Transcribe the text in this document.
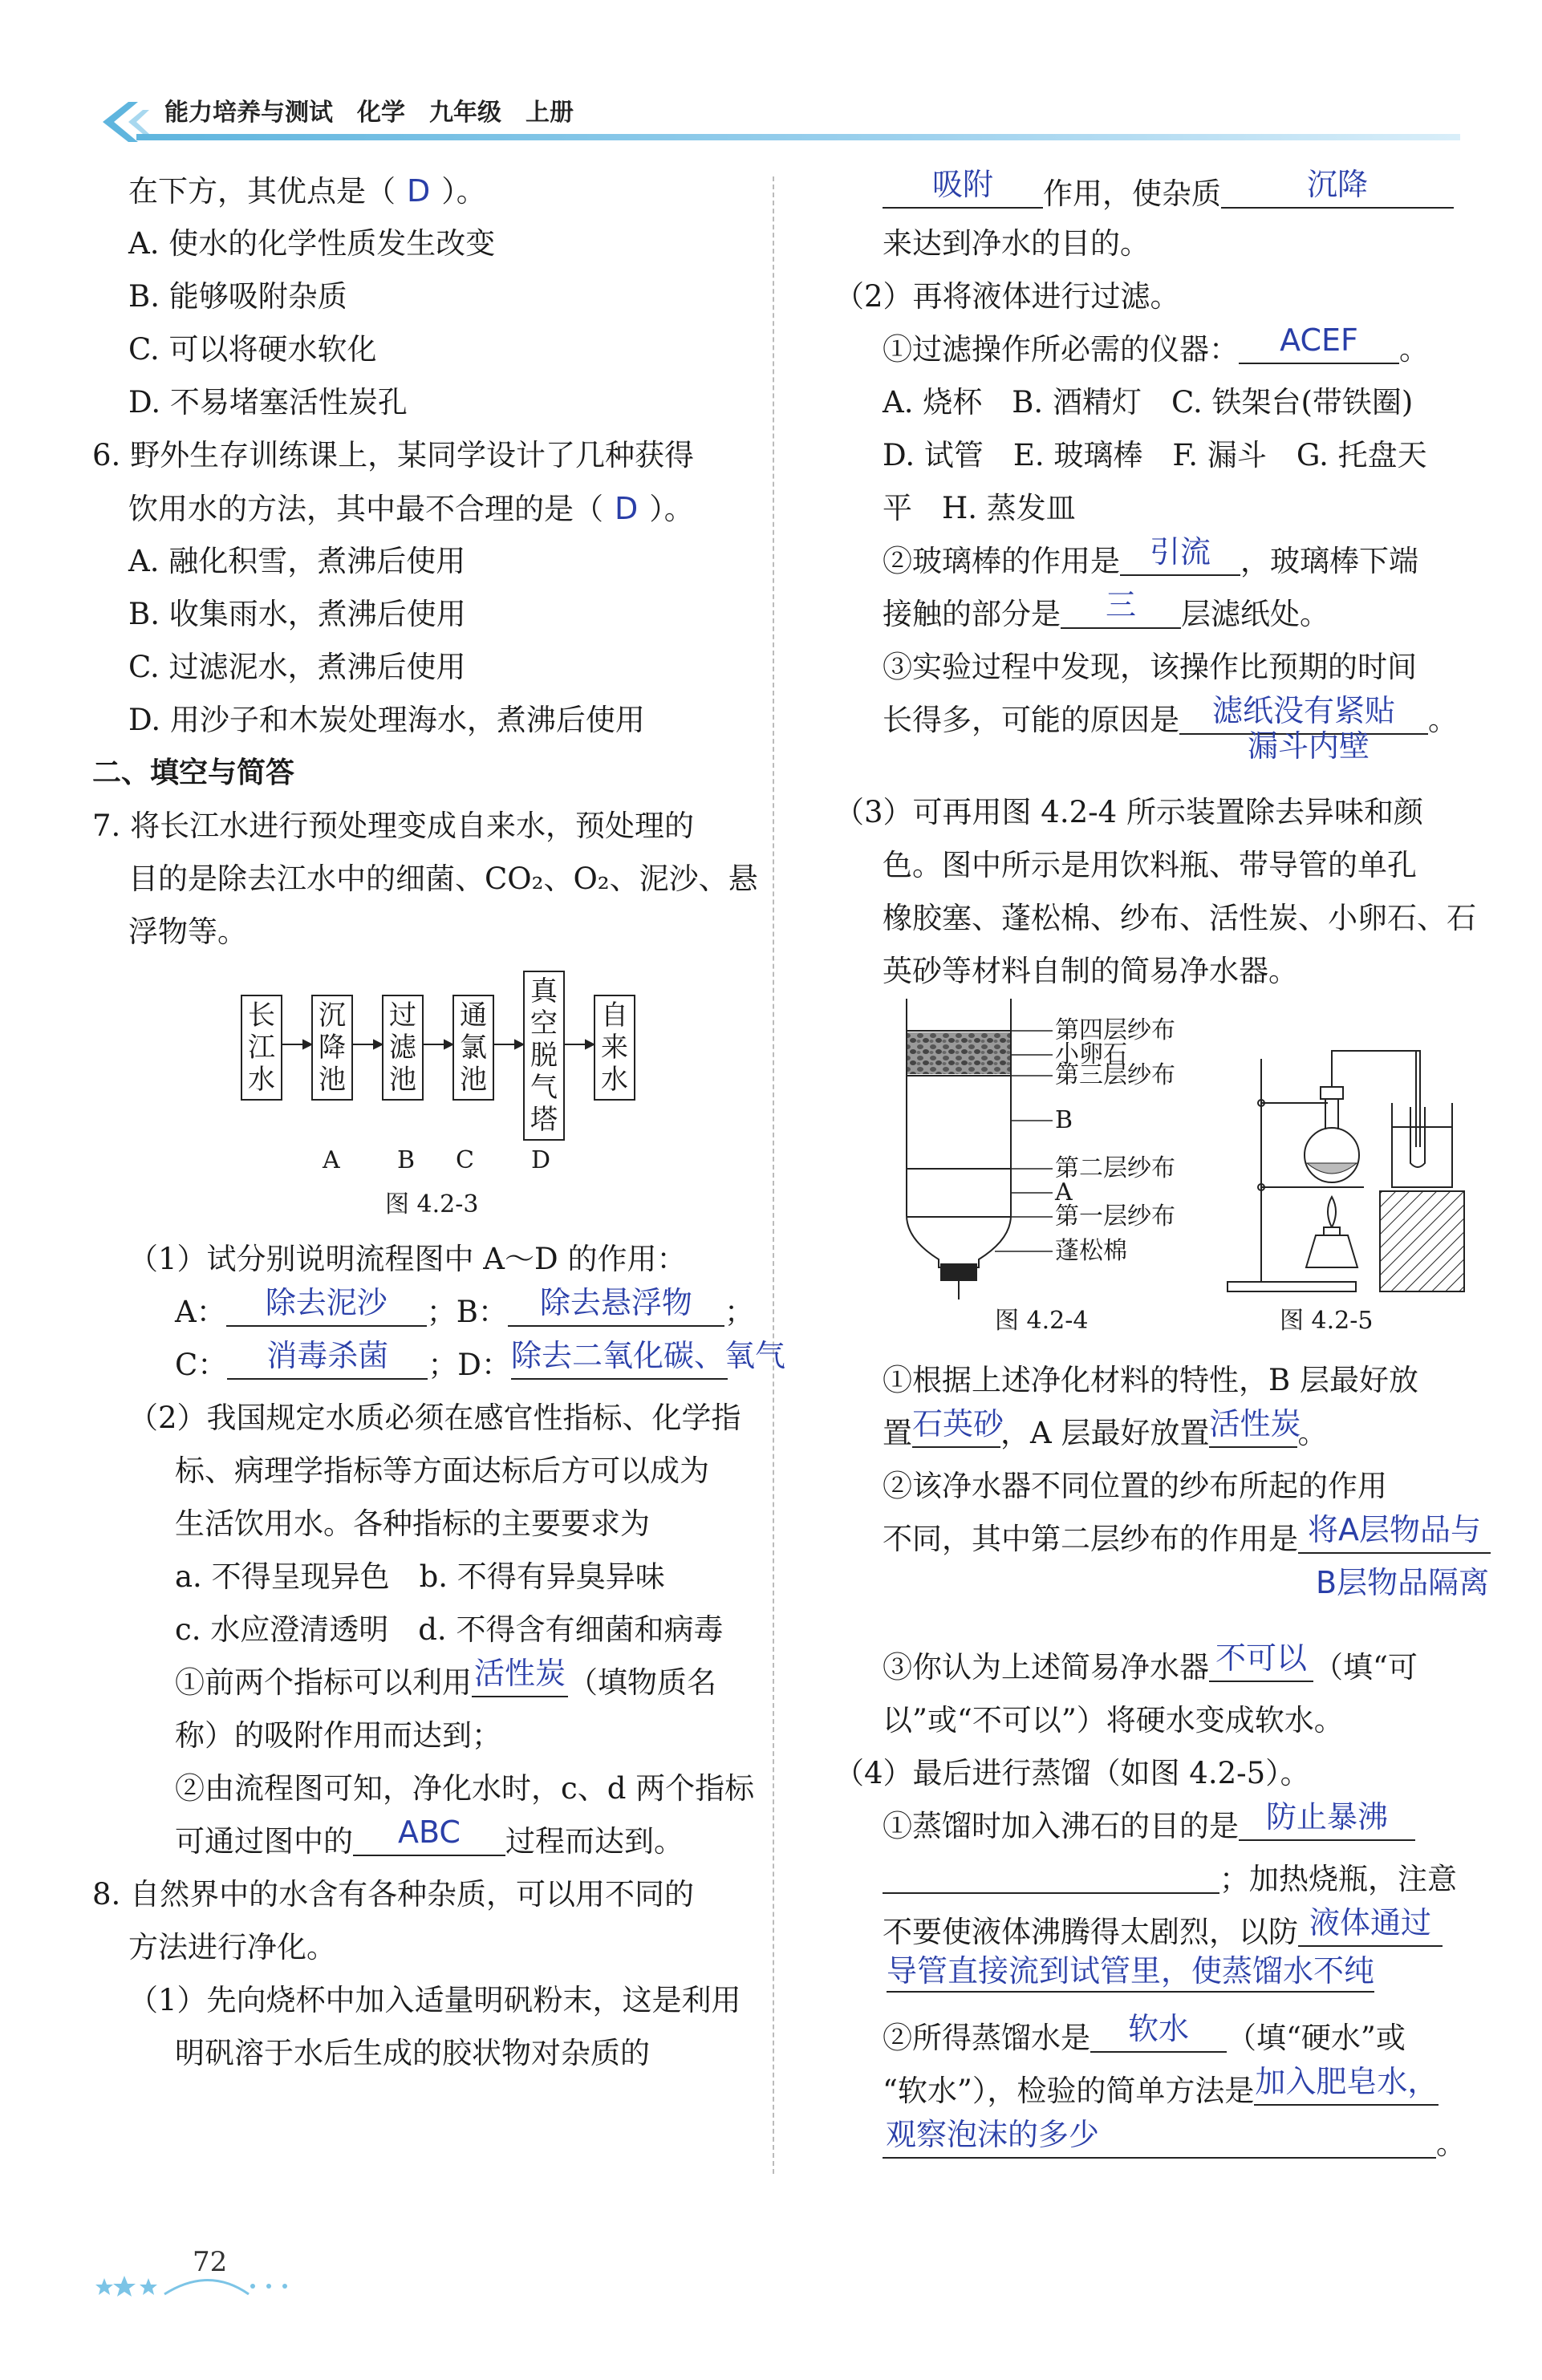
能力培养与测试　化学　九年级　上册
在下方，其优点是（ D ）。
A. 使水的化学性质发生改变
B. 能够吸附杂质
C. 可以将硬水软化
D. 不易堵塞活性炭孔
6. 野外生存训练课上，某同学设计了几种获得
饮用水的方法，其中最不合理的是（ D ）。
A. 融化积雪，煮沸后使用
B. 收集雨水，煮沸后使用
C. 过滤泥水，煮沸后使用
D. 用沙子和木炭处理海水，煮沸后使用
二、填空与简答
7. 将长江水进行预处理变成自来水，预处理的
目的是除去江水中的细菌、CO₂、O₂、泥沙、悬
浮物等。
长江水
沉降池
过滤池
通氯池
真空脱气塔
自来水
A B C D
图 4.2-3
（1）试分别说明流程图中 A～D 的作用：
A：	除去泥沙	；B：	除去悬浮物	；
C：	消毒杀菌	；D： 除去二氧化碳、氧气
（2）我国规定水质必须在感官性指标、化学指
标、病理学指标等方面达标后方可以成为
生活饮用水。各种指标的主要要求为
a. 不得呈现异色　b. 不得有异臭异味
c. 水应澄清透明　d. 不得含有细菌和病毒
①前两个指标可以利用 活性炭 （填物质名
称）的吸附作用而达到；
②由流程图可知，净化水时，c、d 两个指标
可通过图中的	ABC	过程而达到。
8. 自然界中的水含有各种杂质，可以用不同的
方法进行净化。
（1）先向烧杯中加入适量明矾粉末，这是利用
明矾溶于水后生成的胶状物对杂质的
72
吸附	作用，使杂质	沉降
来达到净水的目的。
（2）再将液体进行过滤。
①过滤操作所必需的仪器：	ACEF	。
A. 烧杯　B. 酒精灯　C. 铁架台(带铁圈)
D. 试管　E. 玻璃棒　F. 漏斗　G. 托盘天
平　H. 蒸发皿
②玻璃棒的作用是 引流	，玻璃棒下端
接触的部分是	三	层滤纸处。
③实验过程中发现，该操作比预期的时间
长得多，可能的原因是	滤纸没有紧贴	。
漏斗内壁
（3）可再用图 4.2-4 所示装置除去异味和颜
色。图中所示是用饮料瓶、带导管的单孔
橡胶塞、蓬松棉、纱布、活性炭、小卵石、石
英砂等材料自制的简易净水器。
第四层纱布
小卵石
第三层纱布
B
第二层纱布
A
第一层纱布
蓬松棉
图 4.2-4	图 4.2-5
①根据上述净化材料的特性，B 层最好放
置 石英砂
，A 层最好放置 活性炭
。
②该净水器不同位置的纱布所起的作用
不同，其中第二层纱布的作用是 将A层物品与
B层物品隔离
③你认为上述简易净水器 不可以 （填“可
以”或“不可以”）将硬水变成软水。
（4）最后进行蒸馏（如图 4.2-5）。
①蒸馏时加入沸石的目的是 防止暴沸
；加热烧瓶，注意
不要使液体沸腾得太剧烈，以防 液体通过
导管直接流到试管里，使蒸馏水不纯
②所得蒸馏水是	软水	（填“硬水”或
“软水”），检验的简单方法是 加入肥皂水，
观察泡沫的多少	。
